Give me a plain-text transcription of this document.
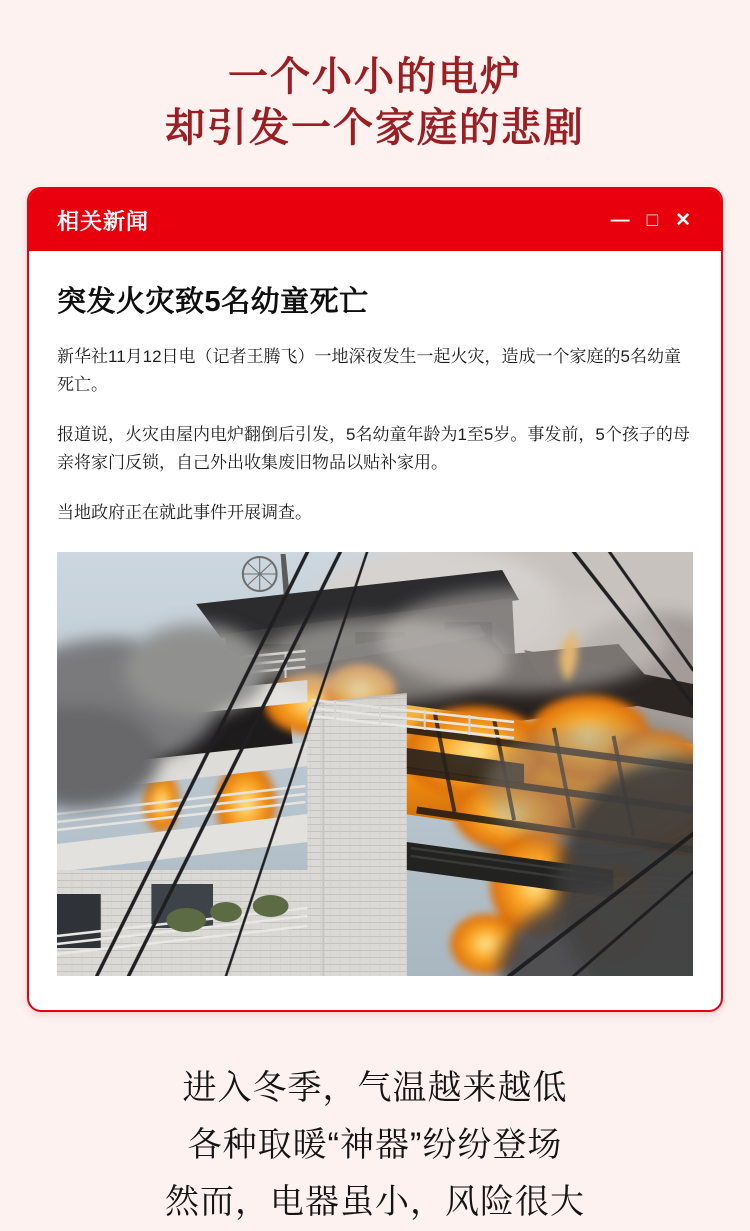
一个小小的电炉
却引发一个家庭的悲剧
相关新闻	— □ ✕
突发火灾致5名幼童死亡

新华社11月12日电（记者王腾飞）一地深夜发生一起火灾，造成一个家庭的5名幼童死亡。

报道说，火灾由屋内电炉翻倒后引发，5名幼童年龄为1至5岁。事发前，5个孩子的母亲将家门反锁，自己外出收集废旧物品以贴补家用。

当地政府正在就此事件开展调查。

进入冬季，气温越来越低
各种取暖“神器”纷纷登场
然而，电器虽小，风险很大
